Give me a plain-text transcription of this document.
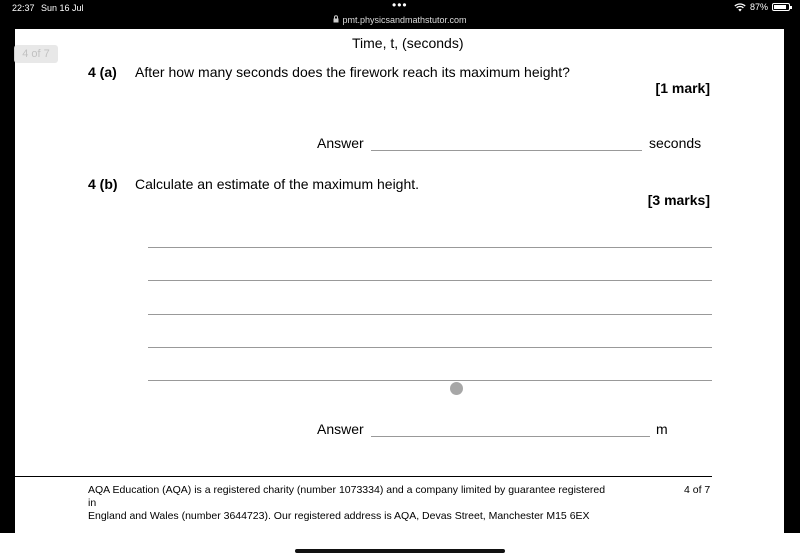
22:37 Sun 16 Jul	•••	87%
pmt.physicsandmathstutor.com
4 of 7
Time, t, (seconds)
4 (a) After how many seconds does the firework reach its maximum height?
[1 mark]
Answer	seconds
4 (b) Calculate an estimate of the maximum height.
[3 marks]
Answer	m
AQA Education (AQA) is a registered charity (number 1073334) and a company limited by guarantee registered in
England and Wales (number 3644723). Our registered address is AQA, Devas Street, Manchester M15 6EX
4 of 7
